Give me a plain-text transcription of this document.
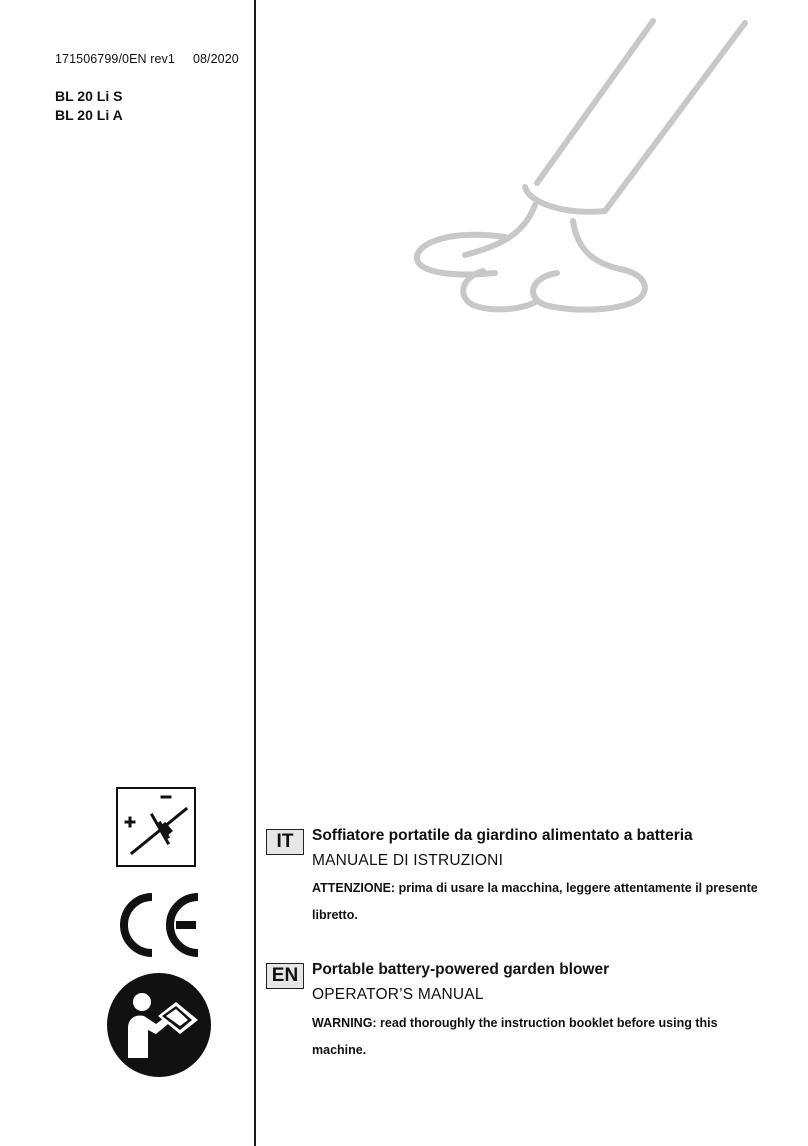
171506799/0EN rev1 08/2020
BL 20 Li S
BL 20 Li A
IT	Soffiatore portatile da giardino alimentato a batteria
MANUALE DI ISTRUZIONI
ATTENZIONE: prima di usare la macchina, leggere attentamente il presente libretto.
EN Portable battery-powered garden blower
OPERATOR’S MANUAL
WARNING: read thoroughly the instruction booklet before using this machine.
